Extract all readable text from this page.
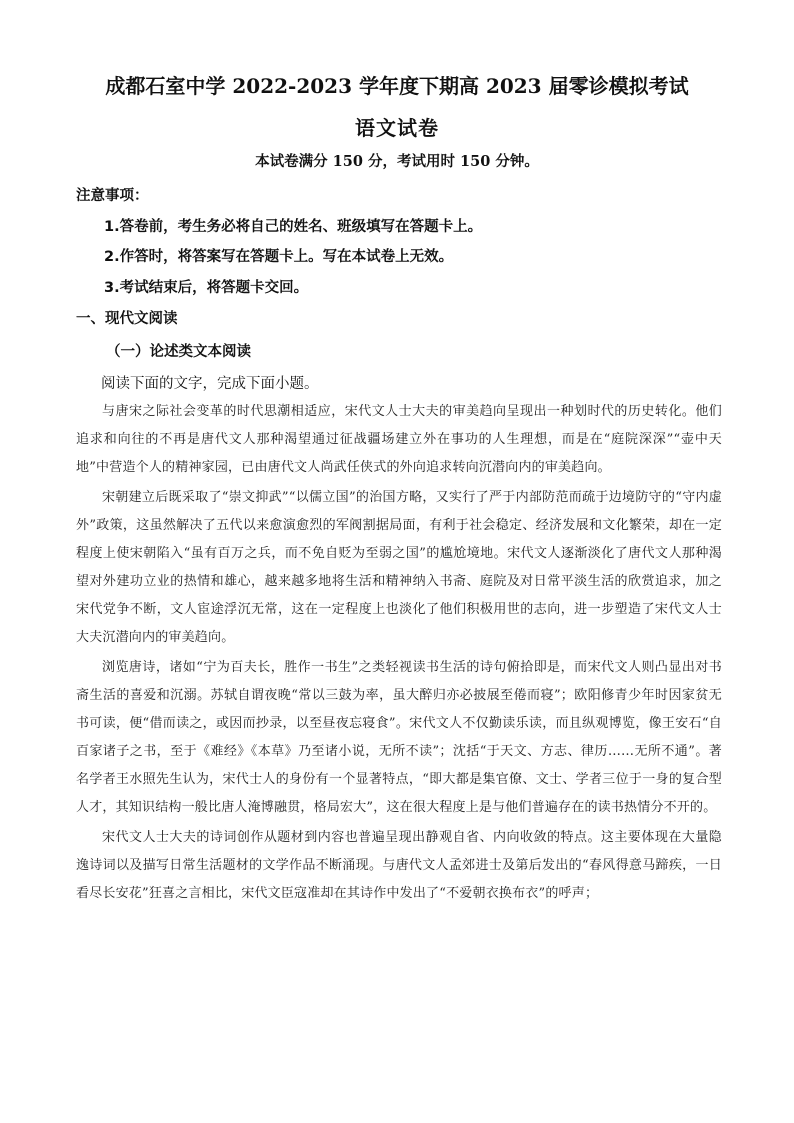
成都石室中学 2022-2023 学年度下期高 2023 届零诊模拟考试
语文试卷
本试卷满分 150 分，考试用时 150 分钟。
注意事项：
1.答卷前，考生务必将自己的姓名、班级填写在答题卡上。
2.作答时，将答案写在答题卡上。写在本试卷上无效。
3.考试结束后，将答题卡交回。
一、现代文阅读
（一）论述类文本阅读
阅读下面的文字，完成下面小题。

与唐宋之际社会变革的时代思潮相适应，宋代文人士大夫的审美趋向呈现出一种划时代的历史转化。他们追求和向往的不再是唐代文人那种渴望通过征战疆场建立外在事功的人生理想，而是在“庭院深深”“壶中天地”中营造个人的精神家园，已由唐代文人尚武任侠式的外向追求转向沉潜向内的审美趋向。

宋朝建立后既采取了“崇文抑武”“以儒立国”的治国方略，又实行了严于内部防范而疏于边境防守的“守内虚外”政策，这虽然解决了五代以来愈演愈烈的军阀割据局面，有利于社会稳定、经济发展和文化繁荣，却在一定程度上使宋朝陷入“虽有百万之兵，而不免自贬为至弱之国”的尴尬境地。宋代文人逐渐淡化了唐代文人那种渴望对外建功立业的热情和雄心，越来越多地将生活和精神纳入书斋、庭院及对日常平淡生活的欣赏追求，加之宋代党争不断，文人宦途浮沉无常，这在一定程度上也淡化了他们积极用世的志向，进一步塑造了宋代文人士大夫沉潜向内的审美趋向。

浏览唐诗，诸如“宁为百夫长，胜作一书生”之类轻视读书生活的诗句俯拾即是，而宋代文人则凸显出对书斋生活的喜爱和沉溺。苏轼自谓夜晚“常以三鼓为率，虽大醉归亦必披展至倦而寝”；欧阳修青少年时因家贫无书可读，便“借而读之，或因而抄录，以至昼夜忘寝食”。宋代文人不仅勤读乐读，而且纵观博览，像王安石“自百家诸子之书，至于《难经》《本草》乃至诸小说，无所不读”；沈括“于天文、方志、律历……无所不通”。著名学者王水照先生认为，宋代士人的身份有一个显著特点，“即大都是集官僚、文士、学者三位于一身的复合型人才，其知识结构一般比唐人淹博融贯，格局宏大”，这在很大程度上是与他们普遍存在的读书热情分不开的。

宋代文人士大夫的诗词创作从题材到内容也普遍呈现出静观自省、内向收敛的特点。这主要体现在大量隐逸诗词以及描写日常生活题材的文学作品不断涌现。与唐代文人孟郊进士及第后发出的“春风得意马蹄疾，一日看尽长安花”狂喜之言相比，宋代文臣寇准却在其诗作中发出了“不爱朝衣换布衣”的呼声；
